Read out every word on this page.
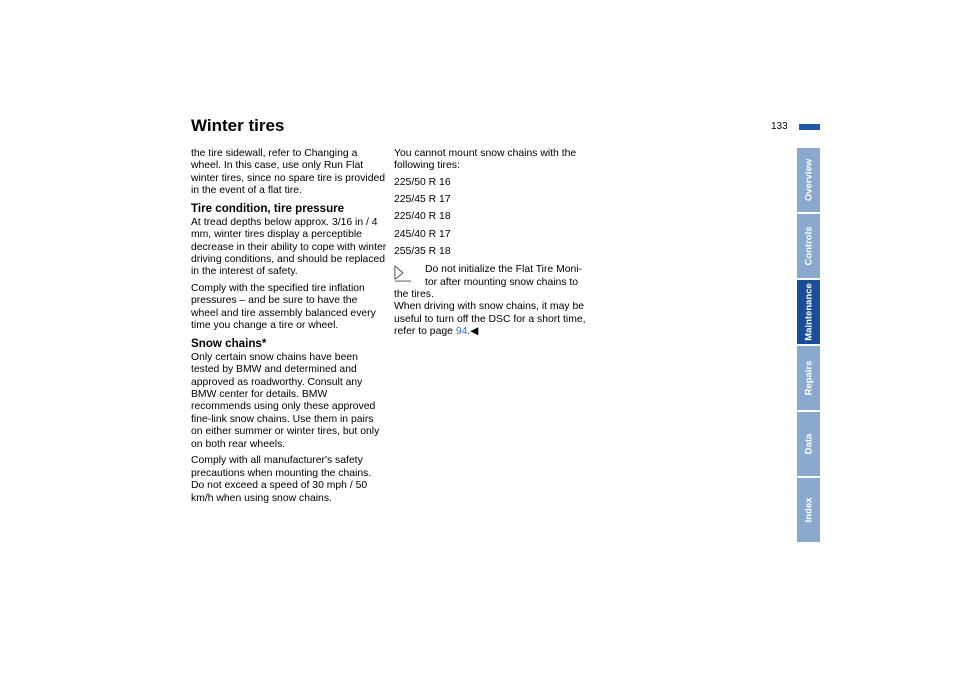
Winter tires	133

the tire sidewall, refer to Changing a wheel. In this case, use only Run Flat winter tires, since no spare tire is provided in the event of a flat tire.

Tire condition, tire pressure

At tread depths below approx. 3/16 in / 4 mm, winter tires display a perceptible decrease in their ability to cope with winter driving conditions, and should be replaced in the interest of safety.

Comply with the specified tire inflation pressures – and be sure to have the wheel and tire assembly balanced every time you change a tire or wheel.

Snow chains*

Only certain snow chains have been tested by BMW and determined and approved as roadworthy. Consult any BMW center for details. BMW recommends using only these approved fine-link snow chains. Use them in pairs on either summer or winter tires, but only on both rear wheels.

Comply with all manufacturer's safety precautions when mounting the chains. Do not exceed a speed of 30 mph / 50 km/h when using snow chains.

You cannot mount snow chains with the following tires:

225/50 R 16

225/45 R 17

225/40 R 18

245/40 R 17

255/35 R 18

Do not initialize the Flat Tire Moni-
tor after mounting snow chains to
the tires.

When driving with snow chains, it may be useful to turn off the DSC for a short time, refer to page 94.◀

Overview
Controls
Maintenance
Repairs
Data
Index
